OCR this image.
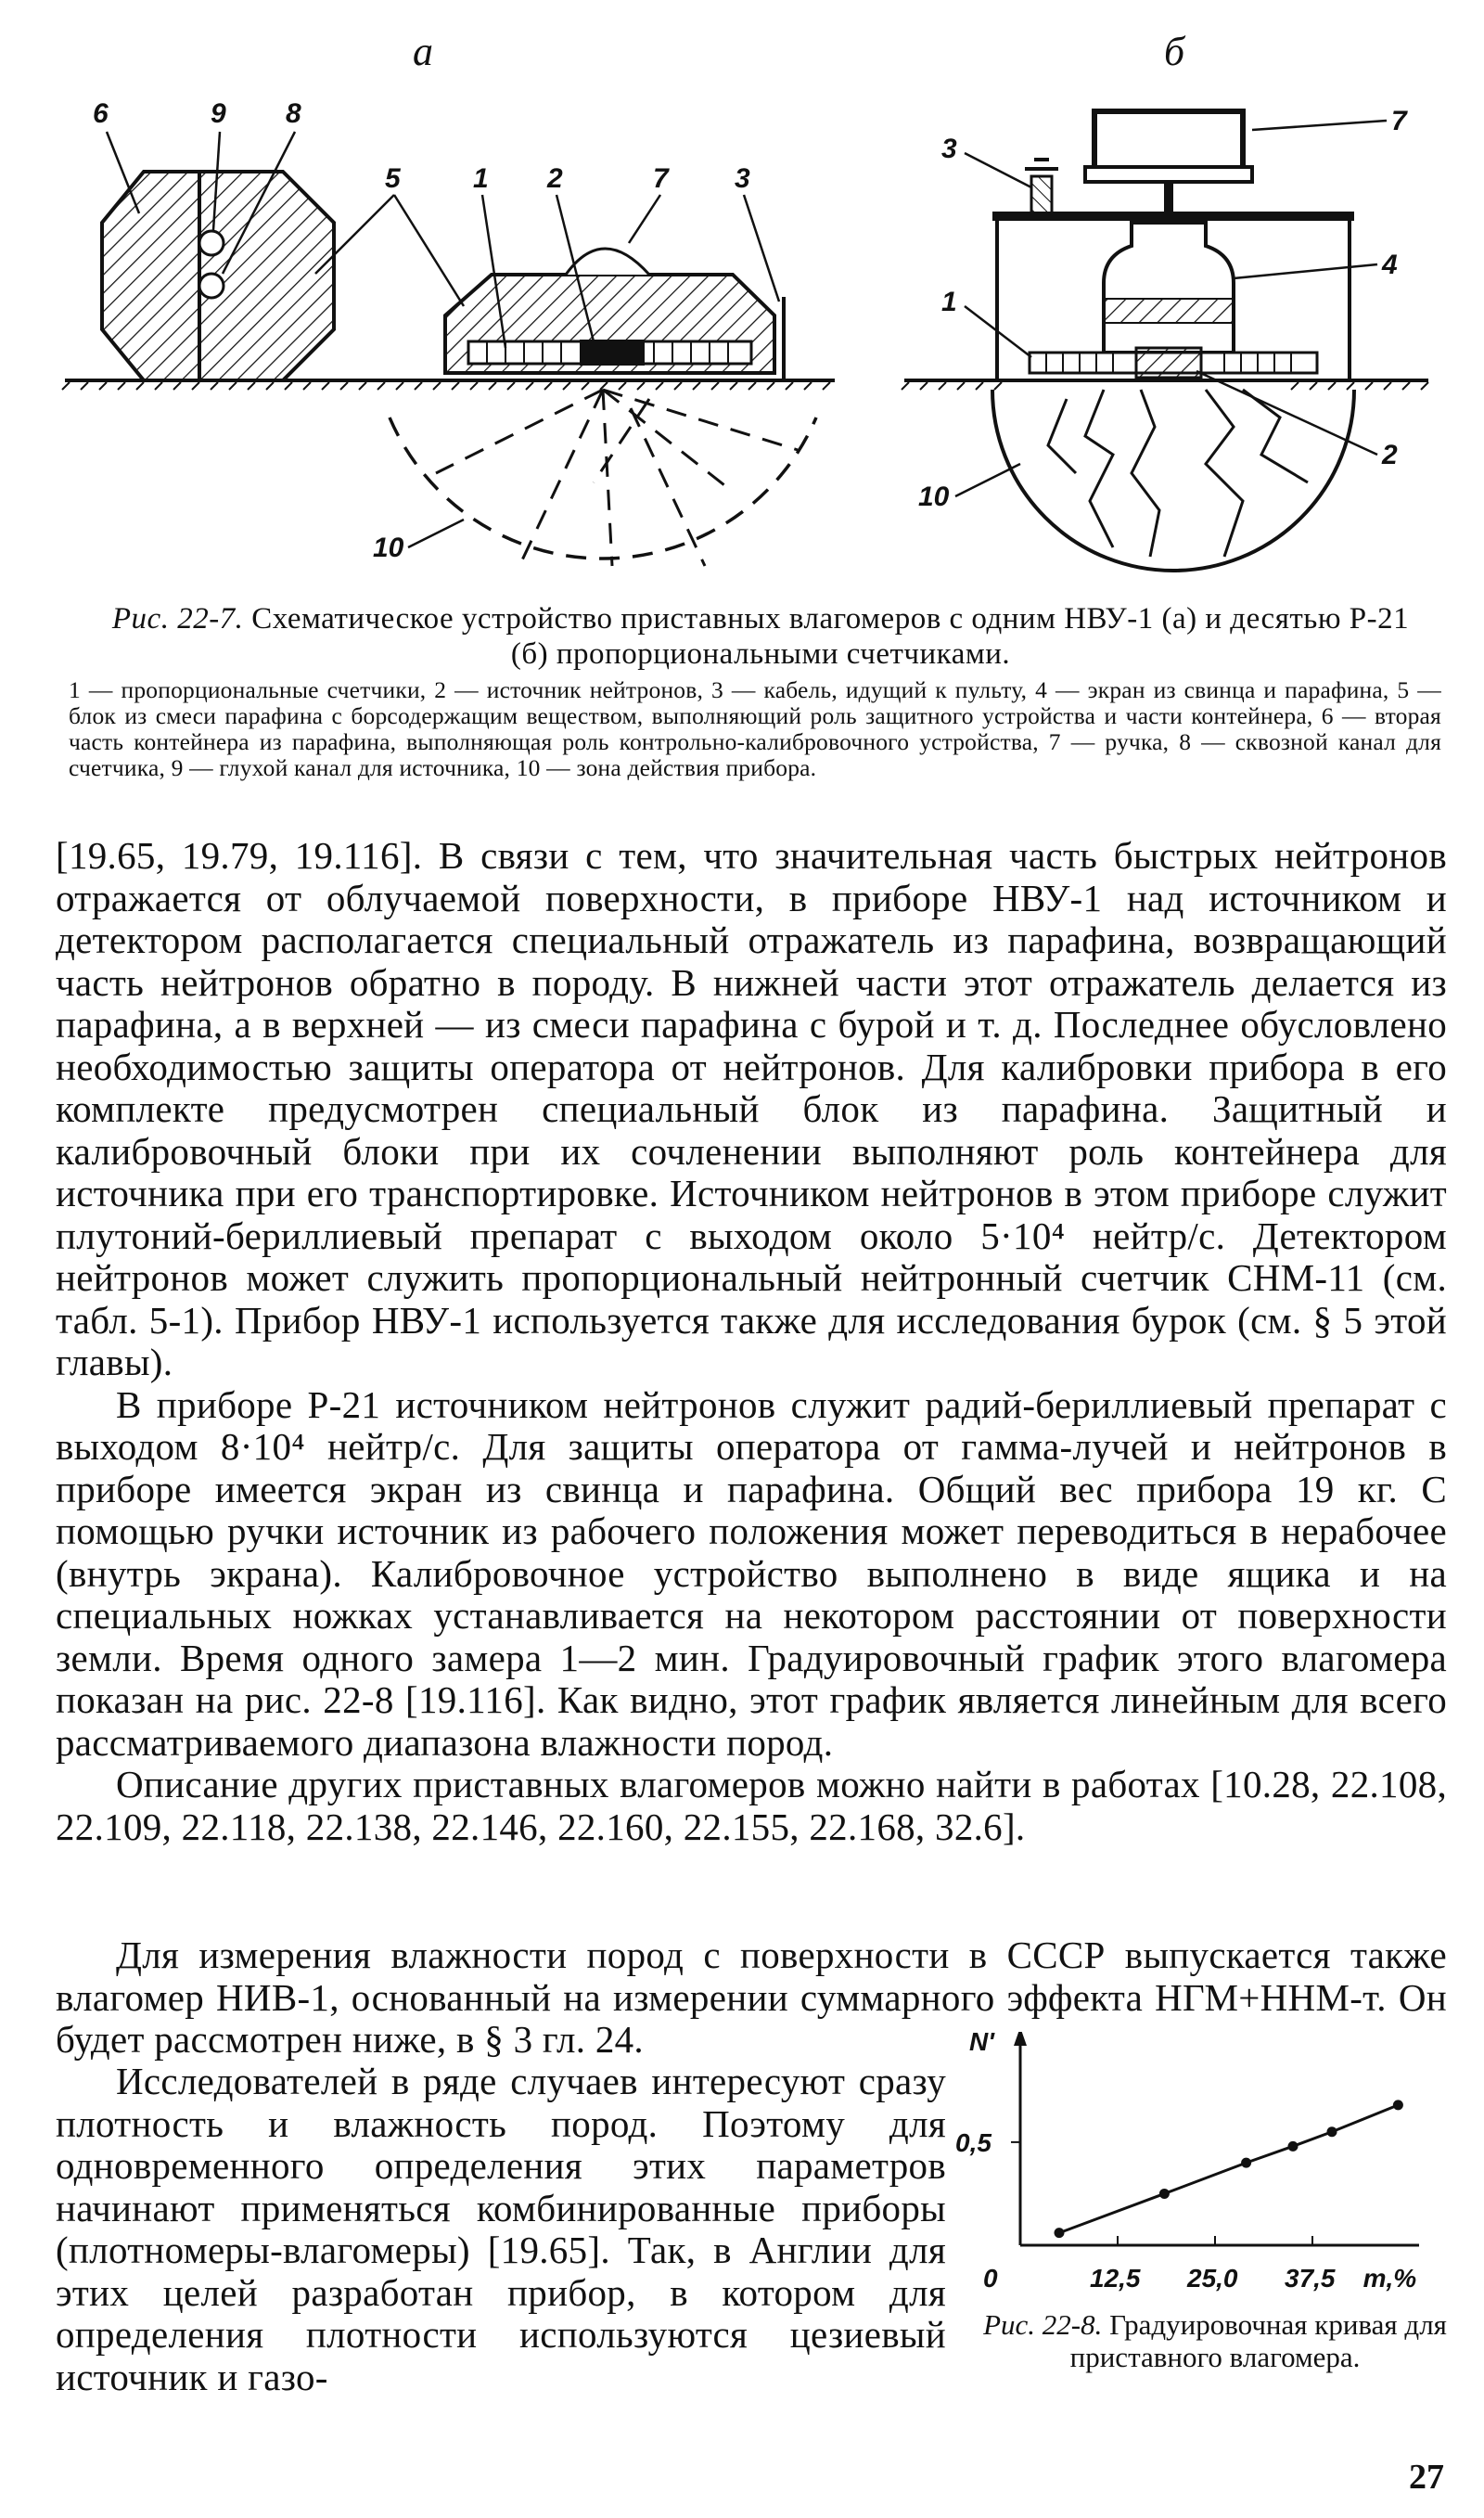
а	б
6	9 8
5	1 2	7 3
10
3
7
4
1
2
10
Рис. 22-7. Схематическое устройство приставных влагомеров с одним НВУ-1 (а) и десятью Р-21 (б) пропорциональными счетчиками.

1 — пропорциональные счетчики, 2 — источник нейтронов, 3 — кабель, идущий к пульту, 4 — экран из свинца и парафина, 5 — блок из смеси парафина с борсодержащим веществом, выполняющий роль защитного устройства и части контейнера, 6 — вторая часть контейнера из парафина, выполняющая роль контрольно-калибровочного устройства, 7 — ручка, 8 — сквозной канал для счетчика, 9 — глухой канал для источника, 10 — зона действия прибора.

[19.65, 19.79, 19.116]. В связи с тем, что значительная часть быстрых нейтронов отражается от облучаемой поверхности, в приборе НВУ-1 над источником и детектором располагается специальный отражатель из парафина, возвращающий часть нейтронов обратно в породу. В нижней части этот отражатель делается из парафина, а в верхней — из смеси парафина с бурой и т. д. Последнее обусловлено необходимостью защиты оператора от нейтронов. Для калибровки прибора в его комплекте предусмотрен специальный блок из парафина. Защитный и калибровочный блоки при их сочленении выполняют роль контейнера для источника при его транспортировке. Источником нейтронов в этом приборе служит плутоний-бериллиевый препарат с выходом около 5·10⁴ нейтр/с. Детектором нейтронов может служить пропорциональный нейтронный счетчик СНМ-11 (см. табл. 5-1). Прибор НВУ-1 используется также для исследования бурок (см. § 5 этой главы).

В приборе Р-21 источником нейтронов служит радий-бериллиевый препарат с выходом 8·10⁴ нейтр/с. Для защиты оператора от гамма-лучей и нейтронов в приборе имеется экран из свинца и парафина. Общий вес прибора 19 кг. С помощью ручки источник из рабочего положения может переводиться в нерабочее (внутрь экрана). Калибровочное устройство выполнено в виде ящика и на специальных ножках устанавливается на некотором расстоянии от поверхности земли. Время одного замера 1—2 мин. Градуировочный график этого влагомера показан на рис. 22-8 [19.116]. Как видно, этот график является линейным для всего рассматриваемого диапазона влажности пород.

Описание других приставных влагомеров можно найти в работах [10.28, 22.108, 22.109, 22.118, 22.138, 22.146, 22.160, 22.155, 22.168, 32.6].

Для измерения влажности пород с поверхности в СССР выпускается также влагомер НИВ-1, основанный на измерении суммарного эффекта НГМ+ННМ-т. Он будет рассмотрен ниже, в § 3 гл. 24.

Исследователей в ряде случаев интересуют сразу плотность и влажность пород. Поэтому для одновременного определения этих параметров начинают применяться комбинированные приборы (плотномеры-влагомеры) [19.65]. Так, в Англии для этих целей разработан прибор, в котором для определения плотности используются цезиевый источник и газо-

N'
m,%
0	12,5 25,0 37,5
0,5
Рис. 22-8. Градуировочная кривая для приставного влагомера.
27
